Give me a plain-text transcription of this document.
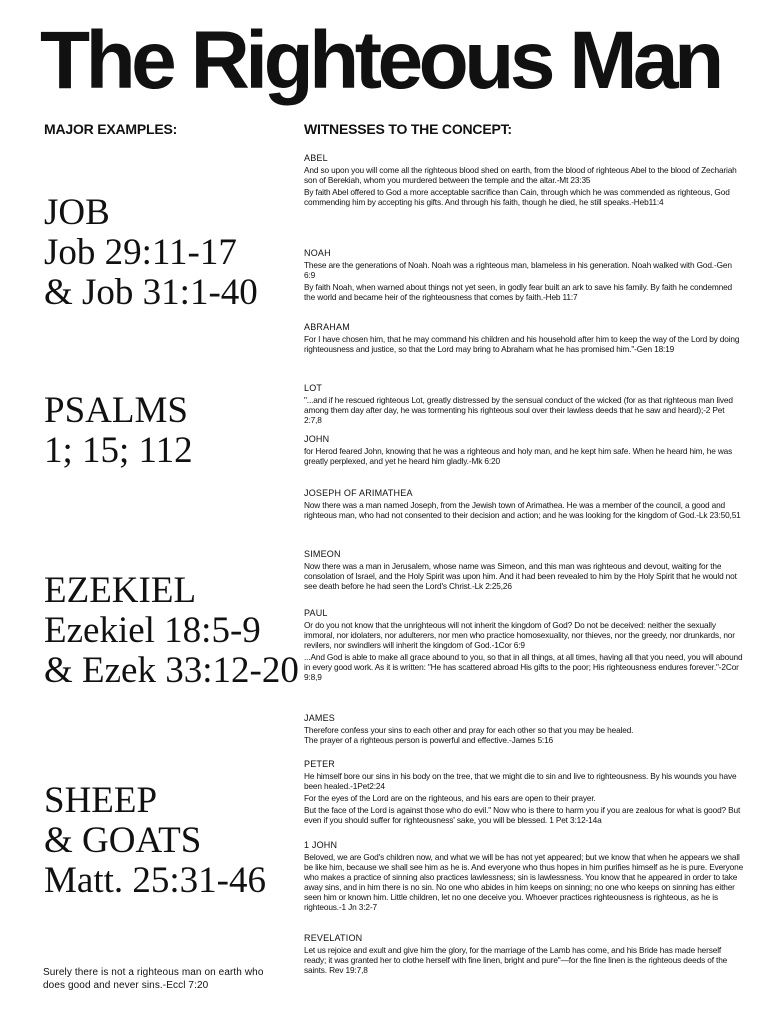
The Righteous Man
MAJOR EXAMPLES:	WITNESSES TO THE CONCEPT:
JOB
Job 29:11-17
& Job 31:1-40
PSALMS
1; 15; 112
EZEKIEL
Ezekiel 18:5-9
& Ezek 33:12-20
SHEEP
& GOATS
Matt. 25:31-46
Surely there is not a righteous man on earth who does good and never sins.-Eccl 7:20
ABEL
And so upon you will come all the righteous blood shed on earth, from the blood of righteous Abel to the blood of Zechariah son of Berekiah, whom you murdered between the temple and the altar.-Mt 23:35
By faith Abel offered to God a more acceptable sacrifice than Cain, through which he was commended as righteous, God commending him by accepting his gifts. And through his faith, though he died, he still speaks.-Heb11:4
NOAH
These are the generations of Noah. Noah was a righteous man, blameless in his generation. Noah walked with God.-Gen 6:9
By faith Noah, when warned about things not yet seen, in godly fear built an ark to save his family. By faith he condemned the world and became heir of the righteousness that comes by faith.-Heb 11:7
ABRAHAM
For I have chosen him, that he may command his children and his household after him to keep the way of the Lord by doing righteousness and justice, so that the Lord may bring to Abraham what he has promised him."-Gen 18:19
LOT
"...and if he rescued righteous Lot, greatly distressed by the sensual conduct of the wicked (for as that righteous man lived among them day after day, he was tormenting his righteous soul over their lawless deeds that he saw and heard);-2 Pet 2:7,8
JOHN
for Herod feared John, knowing that he was a righteous and holy man, and he kept him safe. When he heard him, he was greatly perplexed, and yet he heard him gladly.-Mk 6:20
JOSEPH OF ARIMATHEA
Now there was a man named Joseph, from the Jewish town of Arimathea. He was a member of the council, a good and righteous man, who had not consented to their decision and action; and he was looking for the kingdom of God.-Lk 23:50,51
SIMEON
Now there was a man in Jerusalem, whose name was Simeon, and this man was righteous and devout, waiting for the consolation of Israel, and the Holy Spirit was upon him. And it had been revealed to him by the Holy Spirit that he would not see death before he had seen the Lord's Christ.-Lk 2:25,26
PAUL
Or do you not know that the unrighteous will not inherit the kingdom of God? Do not be deceived: neither the sexually immoral, nor idolaters, nor adulterers, nor men who practice homosexuality, nor thieves, nor the greedy, nor drunkards, nor revilers, nor swindlers will inherit the kingdom of God.-1Cor 6:9
...And God is able to make all grace abound to you, so that in all things, at all times, having all that you need, you will abound in every good work. As it is written: "He has scattered abroad His gifts to the poor; His righteousness endures forever."-2Cor 9:8,9
JAMES
Therefore confess your sins to each other and pray for each other so that you may be healed. The prayer of a righteous person is powerful and effective.-James 5:16
PETER
He himself bore our sins in his body on the tree, that we might die to sin and live to righteousness. By his wounds you have been healed.-1Pet2:24
For the eyes of the Lord are on the righteous, and his ears are open to their prayer.
But the face of the Lord is against those who do evil." Now who is there to harm you if you are zealous for what is good? But even if you should suffer for righteousness' sake, you will be blessed. 1 Pet 3:12-14a
1 JOHN
Beloved, we are God's children now, and what we will be has not yet appeared; but we know that when he appears we shall be like him, because we shall see him as he is. And everyone who thus hopes in him purifies himself as he is pure. Everyone who makes a practice of sinning also practices lawlessness; sin is lawlessness. You know that he appeared in order to take away sins, and in him there is no sin. No one who abides in him keeps on sinning; no one who keeps on sinning has either seen him or known him. Little children, let no one deceive you. Whoever practices righteousness is righteous, as he is righteous.-1 Jn 3:2-7
REVELATION
Let us rejoice and exult and give him the glory, for the marriage of the Lamb has come, and his Bride has made herself ready; it was granted her to clothe herself with fine linen, bright and pure"—for the fine linen is the righteous deeds of the saints. Rev 19:7,8
